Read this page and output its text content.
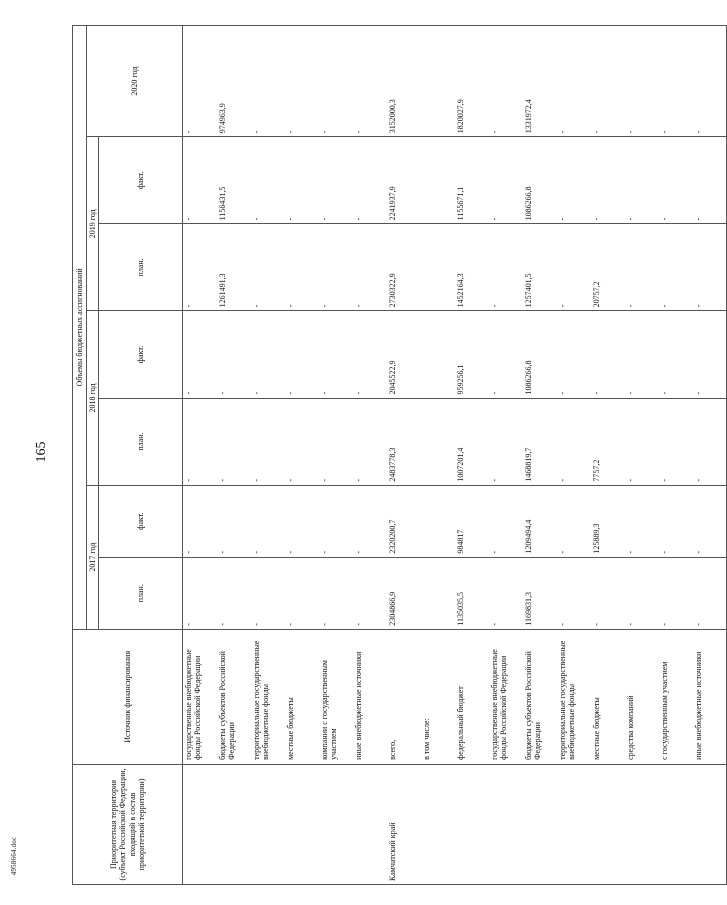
165
4958664.doc	Приоритетная территория (субъект Российской Федерации, входящий в состав приоритетной территории)	Источник финансирования	Объемы бюджетных ассигнований						
		2017 год		2018 год		2019 год		2020 год
		план.	факт.	план.	факт.	план.	факт.	
	государственные внебюджетные фонды Российской Федерации	-	-	-	-	-	-	-
	бюджеты субъектов Российской Федерации	-	-	-	-	1261491,3	1156431,5	974963,9
	территориальные государственные внебюджетные фонды	-	-	-	-	-	-	-
	местные бюджеты	-	-	-	-	-	-	-
	компании с государственным участием	-	-	-	-	-	-	-
	иные внебюджетные источники	-	-	-	-	-	-	-
Камчатский край	всего,	2304866,9	2320200,7	2483778,3	2045522,9	2730322,9	2241937,9	3152000,3
	в том числе:							
	федеральный бюджет	1135035,5	984817	1007201,4	959256,1	1452164,3	1155671,1	1820027,9
	государственные внебюджетные фонды Российской Федерации	-	-	-	-	-	-	-
	бюджеты субъектов Российской Федерации	1169831,3	1209494,4	1468819,7	1086266,8	1257401,5	1086266,8	1331972,4
	территориальные государственные внебюджетные фонды	-	-	-	-	-	-	-
	местные бюджеты	-	125889,3	7757,2	-	20757,2	-	-
	средства компаний	-	-	-	-	-	-	-
	с государственным участием	-	-	-	-	-	-	-
	иные внебюджетные источники	-	-	-	-	-	-	-
